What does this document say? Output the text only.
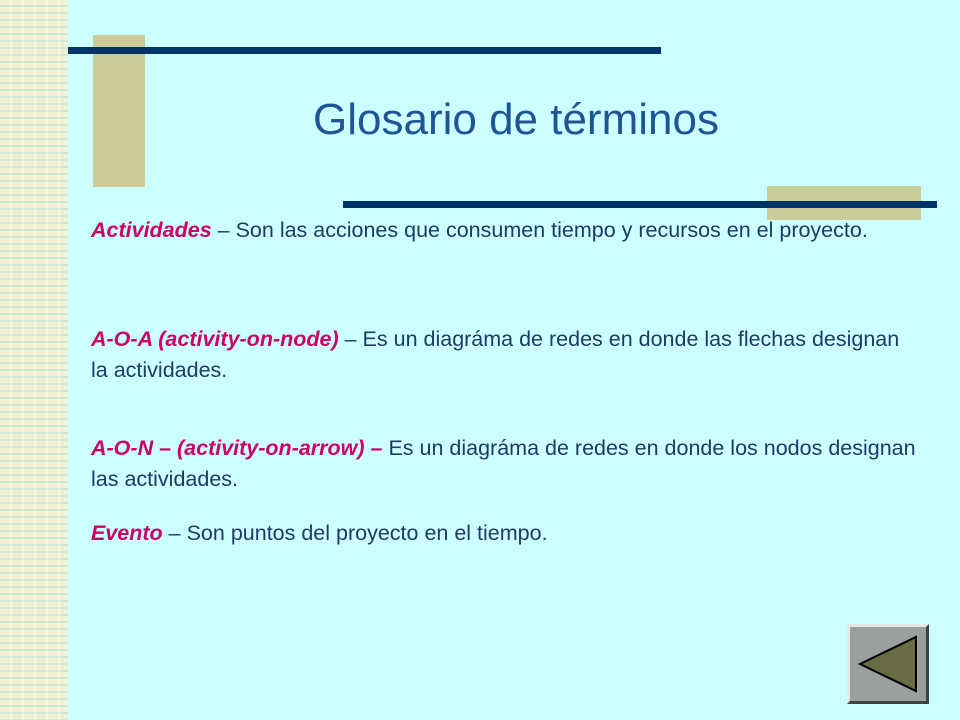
Glosario de términos
Actividades – Son las acciones que consumen tiempo y recursos en el proyecto.
A-O-A (activity-on-node) – Es un diagráma de redes en donde las flechas designan la actividades.
A-O-N – (activity-on-arrow) – Es un diagráma de redes en donde los nodos designan las actividades.
Evento – Son puntos del proyecto en el tiempo.
